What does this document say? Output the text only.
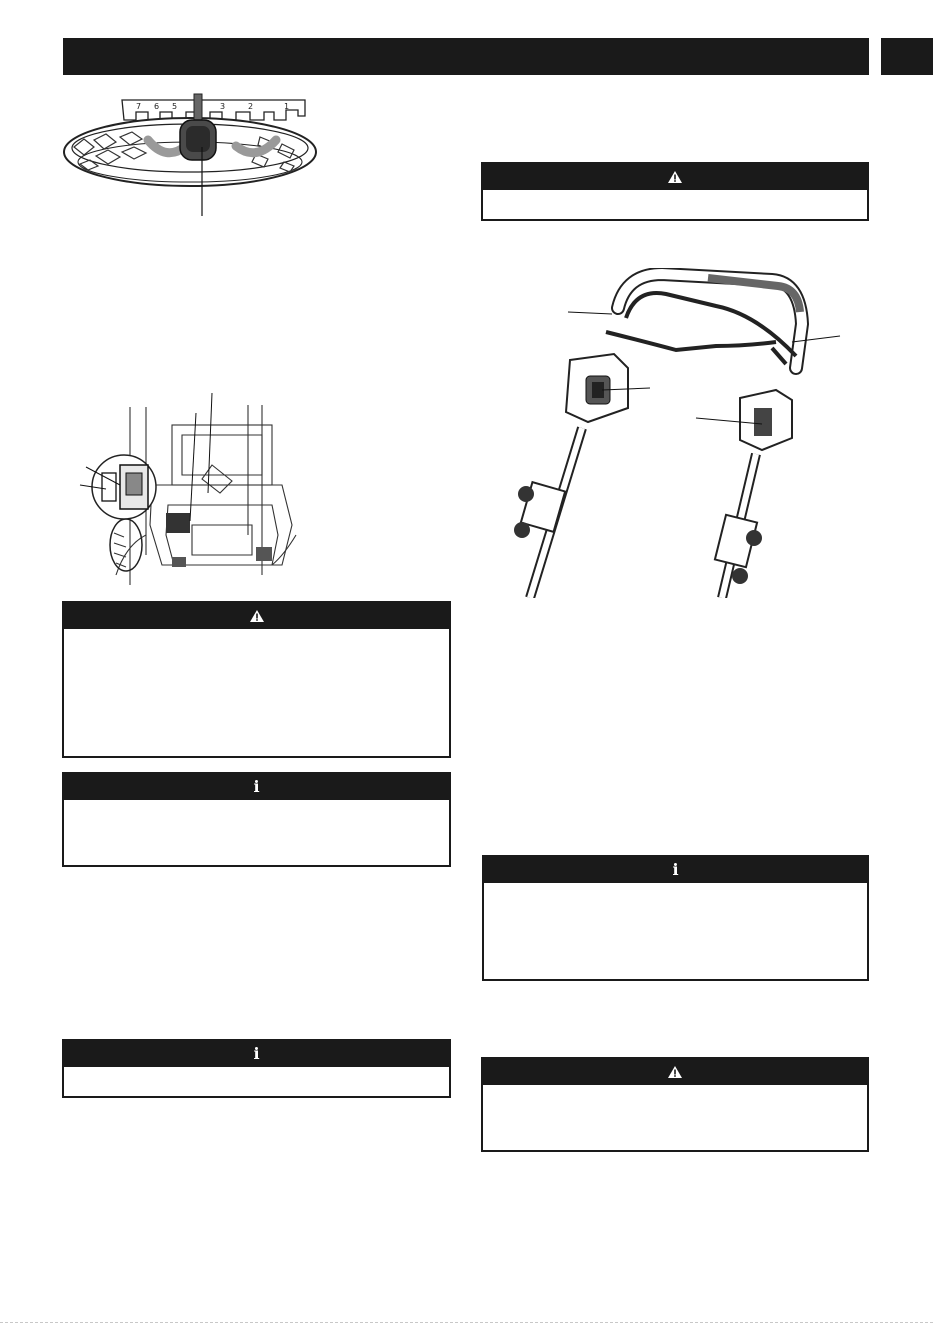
7 6 5	3	2	1
i
i
i
